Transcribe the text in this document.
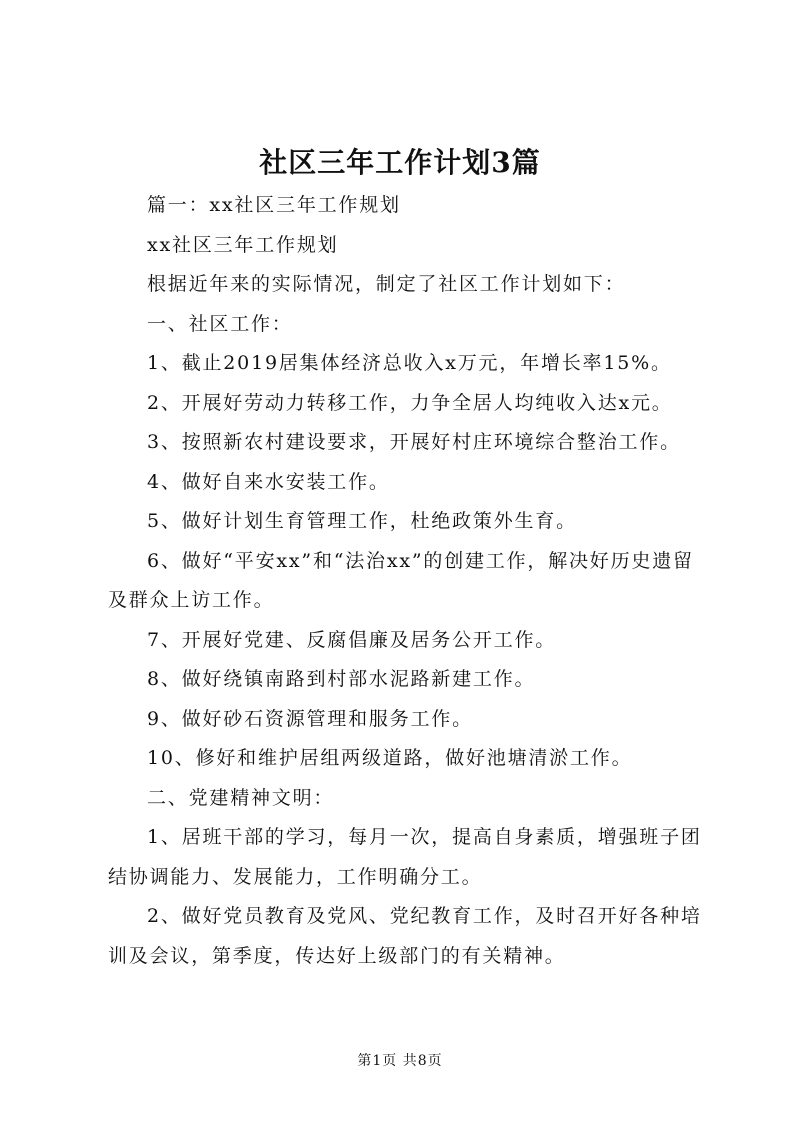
社区三年工作计划3篇

篇一：xx社区三年工作规划

xx社区三年工作规划

根据近年来的实际情况，制定了社区工作计划如下：

一、社区工作：

1、截止2019居集体经济总收入x万元，年增长率15%。

2、开展好劳动力转移工作，力争全居人均纯收入达x元。

3、按照新农村建设要求，开展好村庄环境综合整治工作。

4、做好自来水安装工作。

5、做好计划生育管理工作，杜绝政策外生育。

6、做好“平安xx”和“法治xx”的创建工作，解决好历史遗留及群众上访工作。

7、开展好党建、反腐倡廉及居务公开工作。

8、做好绕镇南路到村部水泥路新建工作。

9、做好砂石资源管理和服务工作。

10、修好和维护居组两级道路，做好池塘清淤工作。

二、党建精神文明：

1、居班干部的学习，每月一次，提高自身素质，增强班子团结协调能力、发展能力，工作明确分工。

2、做好党员教育及党风、党纪教育工作，及时召开好各种培训及会议，第季度，传达好上级部门的有关精神。

第1页 共8页
